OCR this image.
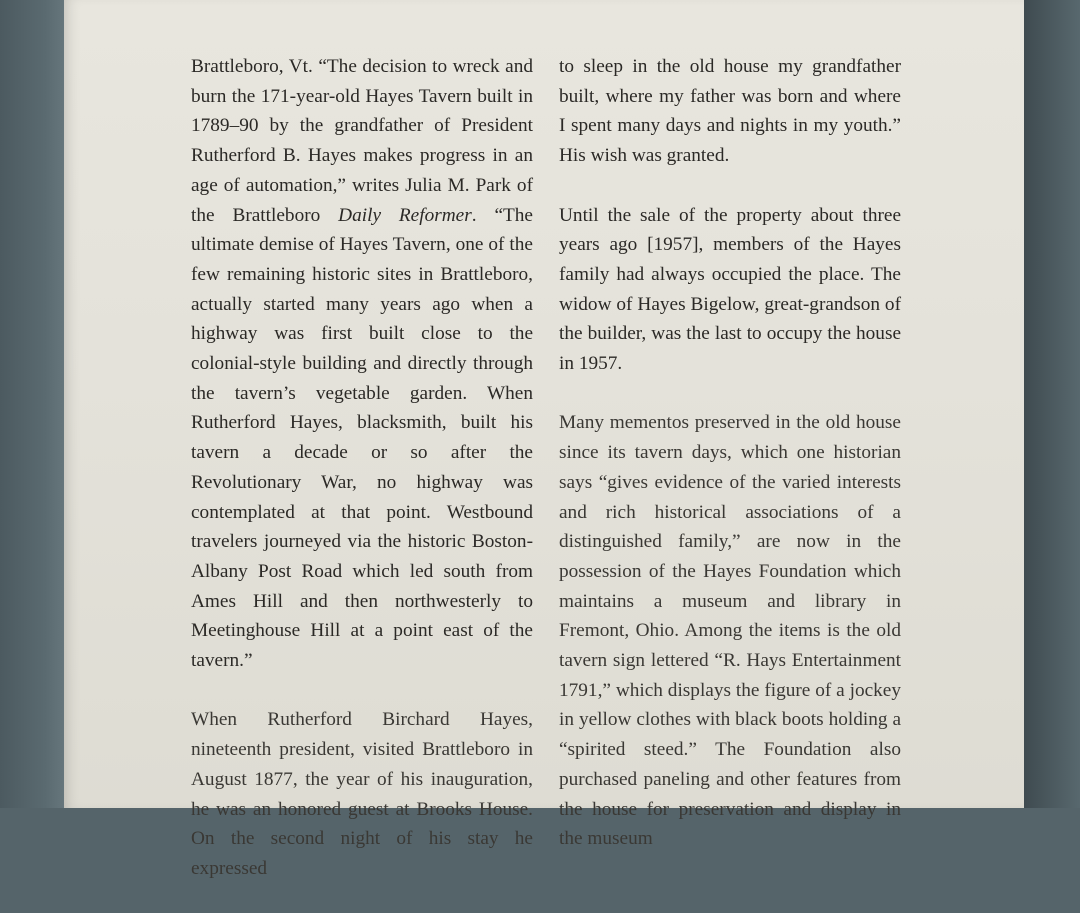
Brattleboro, Vt. “The decision to wreck and burn the 171-year-old Hayes Tavern built in 1789–90 by the grandfather of President Rutherford B. Hayes makes progress in an age of automation,” writes Julia M. Park of the Brattleboro Daily Reformer. “The ultimate demise of Hayes Tavern, one of the few remaining historic sites in Brattleboro, actually started many years ago when a highway was first built close to the colonial-style building and directly through the tavern’s vegetable garden. When Rutherford Hayes, blacksmith, built his tavern a decade or so after the Revolutionary War, no highway was contemplated at that point. Westbound travelers journeyed via the historic Boston-Albany Post Road which led south from Ames Hill and then northwesterly to Meetinghouse Hill at a point east of the tavern.”

When Rutherford Birchard Hayes, nineteenth president, visited Brattleboro in August 1877, the year of his inauguration, he was an honored guest at Brooks House. On the second night of his stay he expressed

to sleep in the old house my grandfather built, where my father was born and where I spent many days and nights in my youth.” His wish was granted.

Until the sale of the property about three years ago [1957], members of the Hayes family had always occupied the place. The widow of Hayes Bigelow, great-grandson of the builder, was the last to occupy the house in 1957.

Many mementos preserved in the old house since its tavern days, which one historian says “gives evidence of the varied interests and rich historical associations of a distinguished family,” are now in the possession of the Hayes Foundation which maintains a museum and library in Fremont, Ohio. Among the items is the old tavern sign lettered “R. Hays Entertainment 1791,” which displays the figure of a jockey in yellow clothes with black boots holding a “spirited steed.” The Foundation also purchased paneling and other features from the house for preservation and display in the museum
